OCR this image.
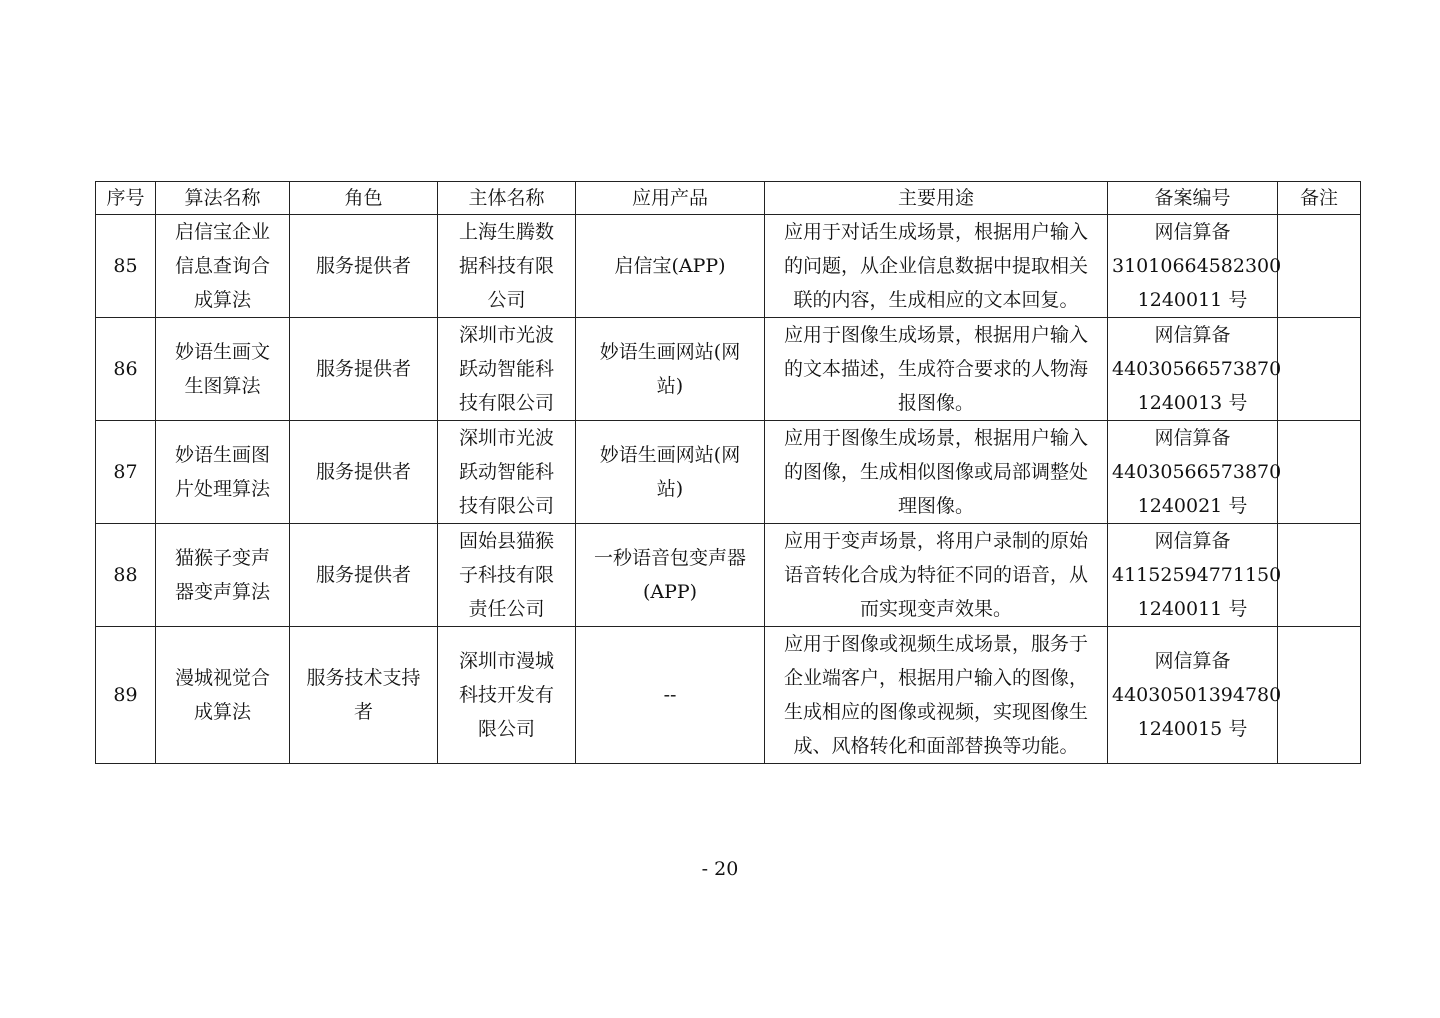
序号	算法名称	角色	主体名称	应用产品	主要用途	备案编号	备注
85	启信宝企业
信息查询合
成算法	服务提供者	上海生腾数
据科技有限
公司	启信宝(APP)	应用于对话生成场景，根据用户输入
的问题，从企业信息数据中提取相关
联的内容，生成相应的文本回复。	网信算备
31010664582300
1240011 号	
86	妙语生画文
生图算法	服务提供者	深圳市光波
跃动智能科
技有限公司	妙语生画网站(网
站)	应用于图像生成场景，根据用户输入
的文本描述，生成符合要求的人物海
报图像。	网信算备
44030566573870
1240013 号	
87	妙语生画图
片处理算法	服务提供者	深圳市光波
跃动智能科
技有限公司	妙语生画网站(网
站)	应用于图像生成场景，根据用户输入
的图像，生成相似图像或局部调整处
理图像。	网信算备
44030566573870
1240021 号	
88	猫猴子变声
器变声算法	服务提供者	固始县猫猴
子科技有限
责任公司	一秒语音包变声器
(APP)	应用于变声场景，将用户录制的原始
语音转化合成为特征不同的语音，从
而实现变声效果。	网信算备
41152594771150
1240011 号	
89	漫城视觉合
成算法	服务技术支持
者	深圳市漫城
科技开发有
限公司	--	应用于图像或视频生成场景，服务于
企业端客户，根据用户输入的图像，
生成相应的图像或视频，实现图像生
成、风格转化和面部替换等功能。	网信算备
44030501394780
1240015 号	
- 20
